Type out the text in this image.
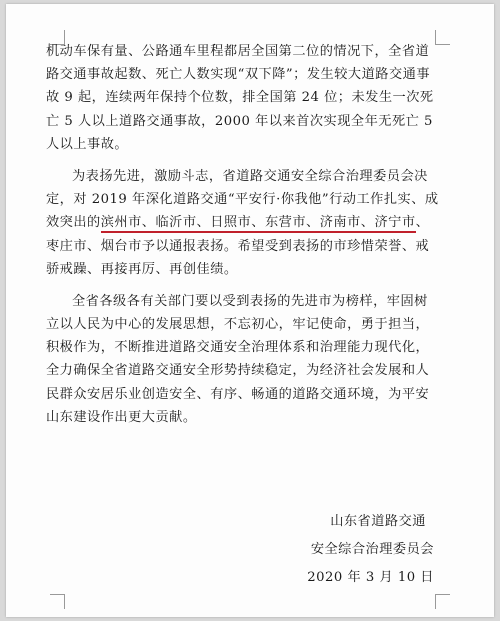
机动车保有量、公路通车里程都居全国第二位的情况下，全省道
路交通事故起数、死亡人数实现“双下降”；发生较大道路交通事
故 9 起，连续两年保持个位数，排全国第 24 位；未发生一次死
亡 5 人以上道路交通事故，2000 年以来首次实现全年无死亡 5
人以上事故。
为表扬先进，激励斗志，省道路交通安全综合治理委员会决
定，对 2019 年深化道路交通“平安行·你我他”行动工作扎实、成
效突出的滨州市、临沂市、日照市、东营市、济南市、济宁市、
枣庄市、烟台市予以通报表扬。希望受到表扬的市珍惜荣誉、戒
骄戒躁、再接再厉、再创佳绩。
全省各级各有关部门要以受到表扬的先进市为榜样，牢固树
立以人民为中心的发展思想，不忘初心，牢记使命，勇于担当，
积极作为，不断推进道路交通安全治理体系和治理能力现代化，
全力确保全省道路交通安全形势持续稳定，为经济社会发展和人
民群众安居乐业创造安全、有序、畅通的道路交通环境，为平安
山东建设作出更大贡献。
山东省道路交通
安全综合治理委员会
2020 年 3 月 10 日
